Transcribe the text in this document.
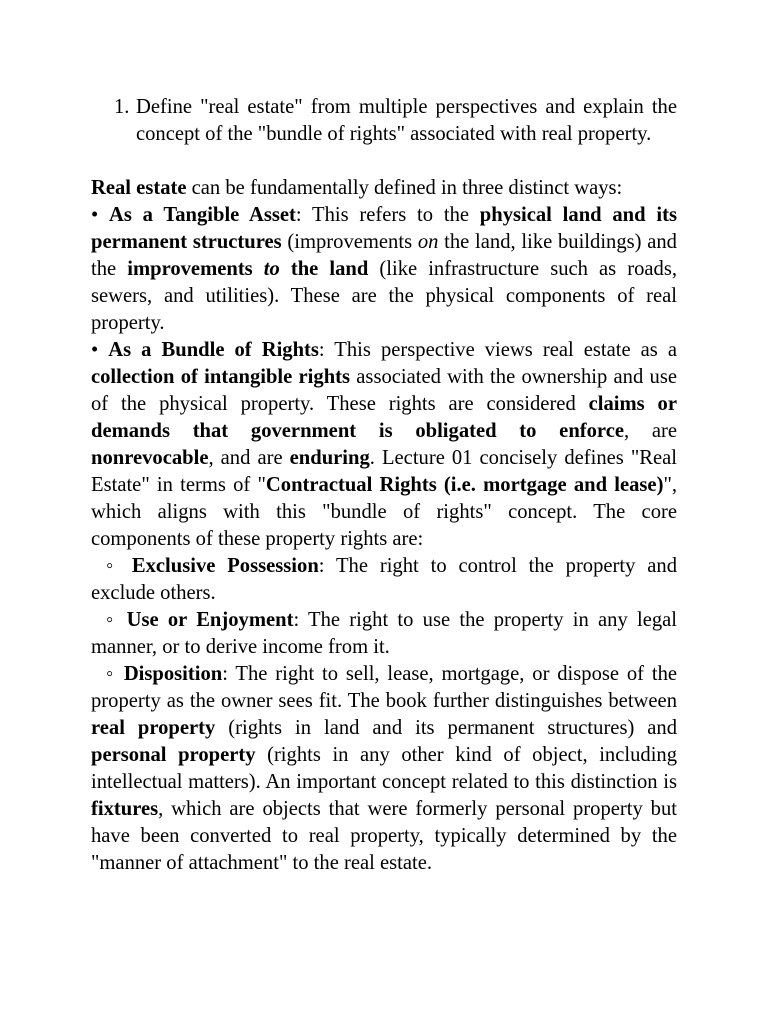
1. Define "real estate" from multiple perspectives and explain the concept of the "bundle of rights" associated with real property.

Real estate can be fundamentally defined in three distinct ways:

• As a Tangible Asset: This refers to the physical land and its permanent structures (improvements on the land, like buildings) and the improvements to the land (like infrastructure such as roads, sewers, and utilities). These are the physical components of real property.

• As a Bundle of Rights: This perspective views real estate as a collection of intangible rights associated with the ownership and use of the physical property. These rights are considered claims or demands that government is obligated to enforce, are nonrevocable, and are enduring. Lecture 01 concisely defines "Real Estate" in terms of "Contractual Rights (i.e. mortgage and lease)", which aligns with this "bundle of rights" concept. The core components of these property rights are:

◦ Exclusive Possession: The right to control the property and exclude others.

◦ Use or Enjoyment: The right to use the property in any legal manner, or to derive income from it.

◦ Disposition: The right to sell, lease, mortgage, or dispose of the property as the owner sees fit. The book further distinguishes between real property (rights in land and its permanent structures) and personal property (rights in any other kind of object, including intellectual matters). An important concept related to this distinction is fixtures, which are objects that were formerly personal property but have been converted to real property, typically determined by the "manner of attachment" to the real estate.
